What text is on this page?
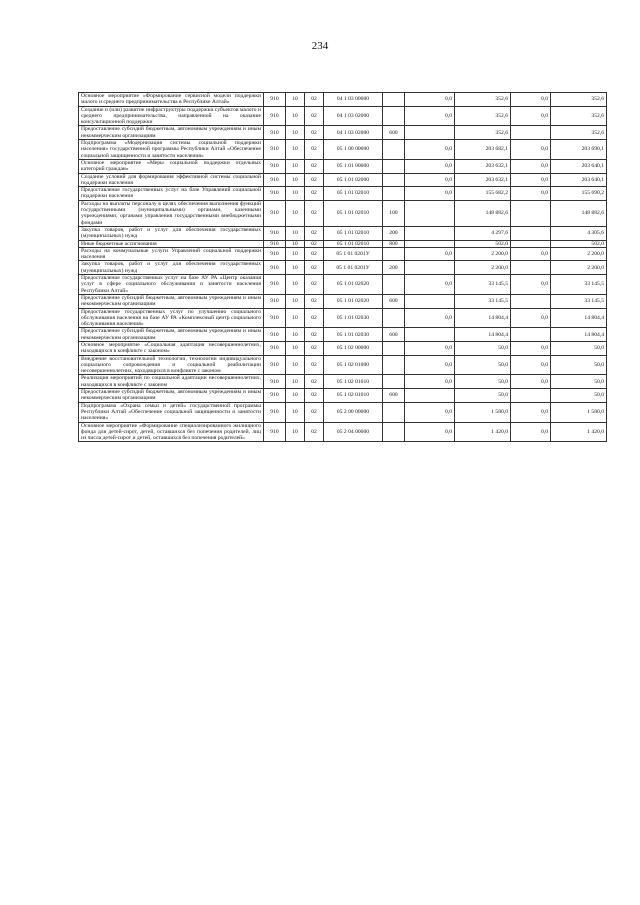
234
Основное мероприятие «Формирование сервисной модели поддержки малого и среднего предпринимательства в Республике Алтай»	910	10	02	04 1 03 00000		0,0	352,6	0,0	352,6
Создание и (или) развитие инфраструктуры поддержки субъектов малого и среднего предпринимательства, направленной на оказание консультационной поддержки	910	10	02	04 1 03 02000		0,0	352,6	0,0	352,6
Предоставление субсидий бюджетным, автономным учреждениям и иным некоммерческим организациям	910	10	02	04 1 03 02000	600		352,6		352,6
Подпрограмма «Модернизация системы социальной поддержки населения» государственной программы Республики Алтай «Обеспечение социальной защищенности и занятости населения»	910	10	02	05 1 00 00000		0,0	203 682,1	0,0	203 690,1
Основное мероприятие «Меры социальной поддержки отдельных категорий граждан»	910	10	02	05 1 01 00000		0,0	203 632,1	0,0	203 640,1
Создание условий для формирования эффективной системы социальной поддержки населения	910	10	02	05 1 01 02000		0,0	203 632,1	0,0	203 640,1
Предоставление государственных услуг на базе Управлений социальной поддержки населения	910	10	02	05 1 01 02010		0,0	155 682,2	0,0	155 690,2
Расходы на выплаты персоналу в целях обеспечения выполнения функций государственными (муниципальными) органами, казенными учреждениями, органами управления государственными внебюджетными фондами	910	10	02	05 1 01 02010	100		148 882,6		148 882,6
Закупка товаров, работ и услуг для обеспечения государственных (муниципальных) нужд	910	10	02	05 1 01 02010	200		4 297,6		4 305,6
Иные бюджетные ассигнования	910	10	02	05 1 01 02010	800		502,0		502,0
Расходы на коммунальные услуги Управлений социальной поддержки населения	910	10	02	05 1 01 0201У		0,0	2 200,0	0,0	2 200,0
Закупка товаров, работ и услуг для обеспечения государственных (муниципальных) нужд	910	10	02	05 1 01 0201У	200		2 200,0		2 200,0
Предоставление государственных услуг на базе АУ РА «Центр оказания услуг в сфере социального обслуживания и занятости населения Республики Алтай»	910	10	02	05 1 01 02020		0,0	33 145,5	0,0	33 145,5
Предоставление субсидий бюджетным, автономным учреждениям и иным некоммерческим организациям	910	10	02	05 1 01 02020	600		33 145,5		33 145,5
Предоставление государственных услуг по улучшению социального обслуживания населения на базе АУ РА «Комплексный центр социального обслуживания населения»	910	10	02	05 1 01 02030		0,0	14 804,4	0,0	14 804,4
Предоставление субсидий бюджетным, автономным учреждениям и иным некоммерческим организациям	910	10	02	05 1 01 02030	600		14 804,4		14 804,4
Основное мероприятие «Социальная адаптация несовершеннолетних, находящихся в конфликте с законом»	910	10	02	05 1 02 00000		0,0	50,0	0,0	50,0
Внедрение восстановительной технологии, технологии индивидуального социального сопровождения и социальной реабилитации несовершеннолетних, находящихся в конфликте с законом	910	10	02	05 1 02 01000		0,0	50,0	0,0	50,0
Реализация мероприятий по социальной адаптации несовершеннолетних, находящихся в конфликте с законом	910	10	02	05 1 02 01010		0,0	50,0	0,0	50,0
Предоставление субсидий бюджетным, автономным учреждениям и иным некоммерческим организациям	910	10	02	05 1 02 01010	600		50,0		50,0
Подпрограмма «Охрана семьи и детей» государственной программы Республики Алтай «Обеспечение социальной защищенности и занятости населения»	910	10	02	05 2 00 00000		0,0	1 580,0	0,0	1 580,0
Основное мероприятие «Формирование специализированного жилищного фонда для детей-сирот, детей, оставшихся без попечения родителей, лиц из числа детей-сирот и детей, оставшихся без попечения родителей»	910	10	02	05 2 04 00000		0,0	1 420,0	0,0	1 420,0
